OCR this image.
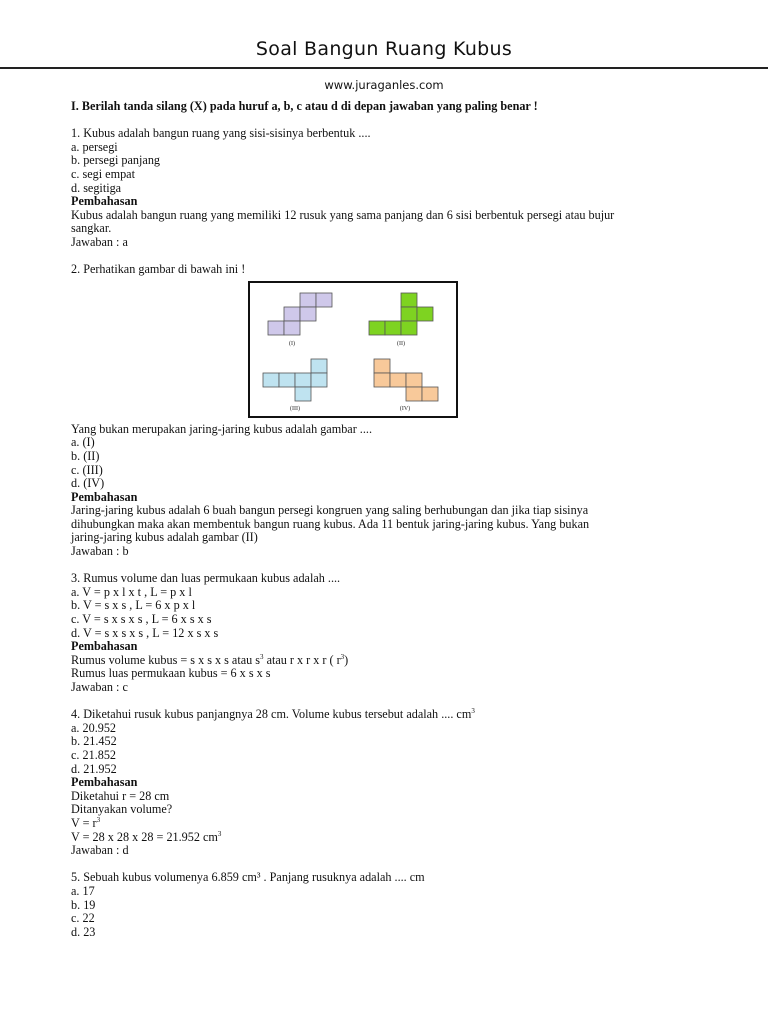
Soal Bangun Ruang Kubus
www.juraganles.com
I. Berilah tanda silang (X) pada huruf a, b, c atau d di depan jawaban yang paling benar !
1. Kubus adalah bangun ruang yang sisi-sisinya berbentuk ....
a. persegi
b. persegi panjang
c. segi empat
d. segitiga
Pembahasan
Kubus adalah bangun ruang yang memiliki 12 rusuk yang sama panjang dan 6 sisi berbentuk persegi atau bujur
sangkar.
Jawaban : a
2. Perhatikan gambar di bawah ini !
(I)	(II)
(III)	(IV)
Yang bukan merupakan jaring-jaring kubus adalah gambar ....
a. (I)
b. (II)
c. (III)
d. (IV)
Pembahasan
Jaring-jaring kubus adalah 6 buah bangun persegi kongruen yang saling berhubungan dan jika tiap sisinya
dihubungkan maka akan membentuk bangun ruang kubus. Ada 11 bentuk jaring-jaring kubus. Yang bukan
jaring-jaring kubus adalah gambar (II)
Jawaban : b
3. Rumus volume dan luas permukaan kubus adalah ....
a. V = p x l x t , L = p x l
b. V = s x s , L = 6 x p x l
c. V = s x s x s , L = 6 x s x s
d. V = s x s x s , L = 12 x s x s
Pembahasan
Rumus volume kubus = s x s x s atau $s^3$ atau r x r x r ( $r^3$)
Rumus luas permukaan kubus = 6 x s x s
Jawaban : c
4. Diketahui rusuk kubus panjangnya 28 cm. Volume kubus tersebut adalah .... $cm^3$
a. 20.952
b. 21.452
c. 21.852
d. 21.952
Pembahasan
Diketahui r = 28 cm
Ditanyakan volume?
$V = r^3$
V = 28 x 28 x 28 = 21.952 $cm^3$
Jawaban : d
5. Sebuah kubus volumenya 6.859 cm³ . Panjang rusuknya adalah .... cm
a. 17
b. 19
c. 22
d. 23
